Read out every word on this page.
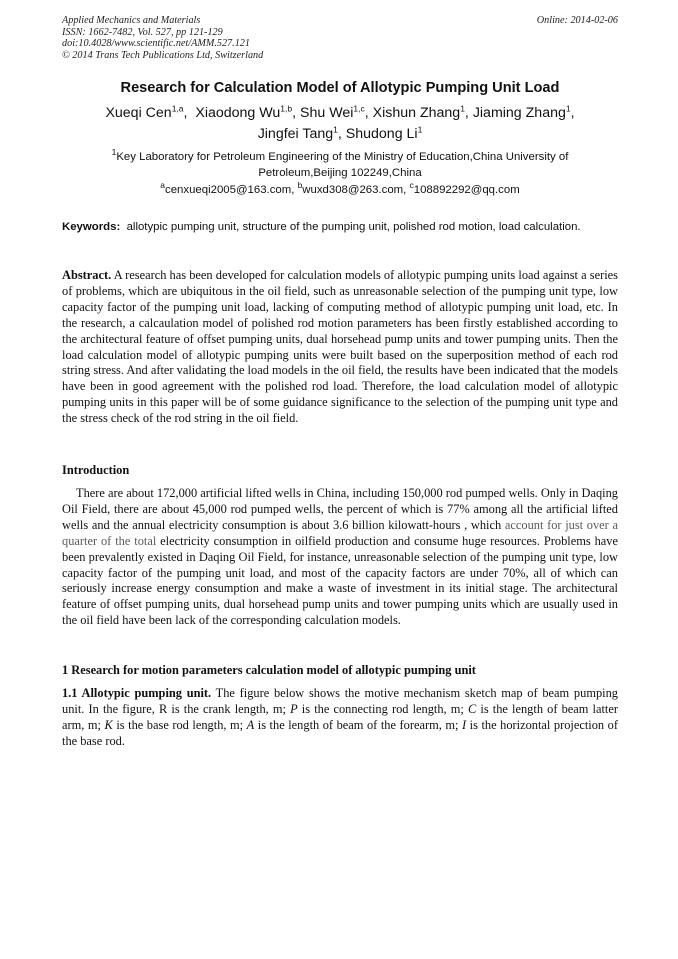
Applied Mechanics and Materials
ISSN: 1662-7482, Vol. 527, pp 121-129
doi:10.4028/www.scientific.net/AMM.527.121
© 2014 Trans Tech Publications Ltd, Switzerland
Online: 2014-02-06
Research for Calculation Model of Allotypic Pumping Unit Load
Xueqi Cen$^{1,a}$,  Xiaodong Wu$^{1,b}$, Shu Wei$^{1,c}$, Xishun Zhang$^1$, Jiaming Zhang$^1$,
Jingfei Tang$^1$, Shudong Li$^1$
$^1$Key Laboratory for Petroleum Engineering of the Ministry of Education,China University of Petroleum,Beijing 102249,China
$^a$cenxueqi2005@163.com, $^b$wuxd308@263.com, $^c$108892292@qq.com
Keywords: allotypic pumping unit, structure of the pumping unit, polished rod motion, load calculation.
Abstract. A research has been developed for calculation models of allotypic pumping units load against a series of problems, which are ubiquitous in the oil field, such as unreasonable selection of the pumping unit type, low capacity factor of the pumping unit load, lacking of computing method of allotypic pumping unit load, etc. In the research, a calcaulation model of polished rod motion parameters has been firstly established according to the architectural feature of offset pumping units, dual horsehead pump units and tower pumping units. Then the load calculation model of allotypic pumping units were built based on the superposition method of each rod string stress. And after validating the load models in the oil field, the results have been indicated that the models have been in good agreement with the polished rod load. Therefore, the load calculation model of allotypic pumping units in this paper will be of some guidance significance to the selection of the pumping unit type and the stress check of the rod string in the oil field.
Introduction
There are about 172,000 artificial lifted wells in China, including 150,000 rod pumped wells. Only in Daqing Oil Field, there are about 45,000 rod pumped wells, the percent of which is 77% among all the artificial lifted wells and the annual electricity consumption is about 3.6 billion kilowatt-hours , which account for just over a quarter of the total electricity consumption in oilfield production and consume huge resources. Problems have been prevalently existed in Daqing Oil Field, for instance, unreasonable selection of the pumping unit type, low capacity factor of the pumping unit load, and most of the capacity factors are under 70%, all of which can seriously increase energy consumption and make a waste of investment in its initial stage. The architectural feature of offset pumping units, dual horsehead pump units and tower pumping units which are usually used in the oil field have been lack of the corresponding calculation models.
1 Research for motion parameters calculation model of allotypic pumping unit
1.1 Allotypic pumping unit. The figure below shows the motive mechanism sketch map of beam pumping unit. In the figure, R is the crank length, m; P is the connecting rod length, m; C is the length of beam latter arm, m; K is the base rod length, m; A is the length of beam of the forearm, m; I is the horizontal projection of the base rod.
